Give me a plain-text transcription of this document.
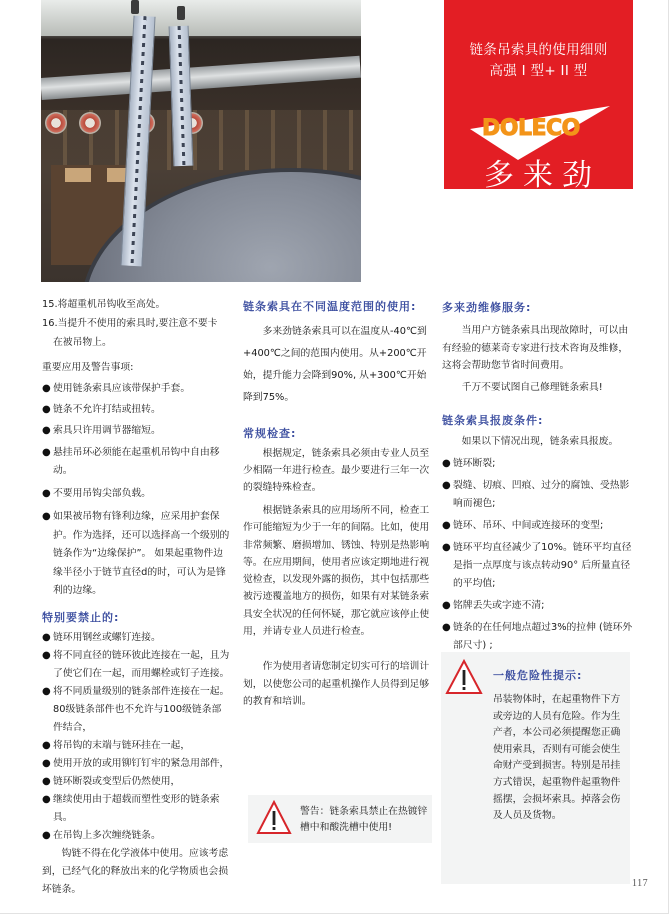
链条吊索具的使用细则
高强 I 型+ II 型
DOLECO
多来劲

15.将超重机吊钩收至高处。

16.当提升不使用的索具时,要注意不要卡

在被吊物上。

重要应用及警告事项:

● 使用链条索具应该带保护手套。

● 链条不允许打结或扭转。

● 索具只许用调节器缩短。

● 悬挂吊环必须能在起重机吊钩中自由移动。

● 不要用吊钩尖部负载。

● 如果被吊物有锋利边缘，应采用护套保护。作为选择，还可以选择高一个级别的链条作为“边缘保护”。 如果起重物件边缘半径小于链节直径d的时，可认为是锋利的边缘。

特别要禁止的:

● 链环用钢丝或螺钉连接。

● 将不同直径的链环彼此连接在一起，且为了使它们在一起，而用螺栓或钉子连接。

● 将不同质量级别的链条部件连接在一起。80级链条部件也不允许与100级链条部件结合，

● 将吊钩的末端与链环挂在一起，

● 使用开放的或用铆钉钉牢的紧急用部件，

● 链环断裂或变型后仍然使用，

● 继续使用由于超载而塑性变形的链条索具。

● 在吊钩上多次缠绕链条。

钩链不得在化学液体中使用。应该考虑到，已经气化的释放出来的化学物质也会损坏链条。

链条索具在不同温度范围的使用:

多来劲链条索具可以在温度从-40℃到+400℃之间的范围内使用。从+200℃开始，提升能力会降到90%, 从+300℃开始降到75%。

常规检查:

根据规定，链条索具必须由专业人员至少相隔一年进行检查。最少要进行三年一次的裂缝特殊检查。

根据链条索具的应用场所不同，检查工作可能缩短为少于一年的间隔。比如，使用非常频繁、磨损增加、锈蚀、特别是热影响等。在应用期间，使用者应该定期地进行视觉检查，以发现外露的损伤，其中包括那些被污迹覆盖地方的损伤，如果有对某链条索具安全状况的任何怀疑，那它就应该停止使用，并请专业人员进行检查。

作为使用者请您制定切实可行的培训计划，以使您公司的起重机操作人员得到足够的教育和培训。

警告：链条索具禁止在热镀锌槽中和酸洗槽中使用!

多来劲维修服务:

当用户方链条索具出现故障时，可以由有经验的德莱奇专家进行技术咨询及维修，这将会帮助您节省时间费用。

千万不要试图自己修理链条索具!

链条索具报废条件:

如果以下情况出现，链条索具报废。

● 链环断裂;

● 裂缝、切痕、凹痕、过分的腐蚀、受热影响而褪色;

● 链环、吊环、中间或连接环的变型;

● 链环平均直径减少了10%。链环平均直径是指一点厚度与该点转动90° 后所量直径的平均值;

● 铭牌丢失或字迹不清;

● 链条的在任何地点超过3%的拉伸 (链环外部尺寸) ;

●

一般危险性提示:
吊装物体时，在起重物件下方或旁边的人员有危险。作为生产者，本公司必须提醒您正确使用索具，否则有可能会使生命财产受到损害。特别是吊挂方式错误，起重物件起重物件摇摆，会损坏索具。掉落会伤及人员及货物。
117
